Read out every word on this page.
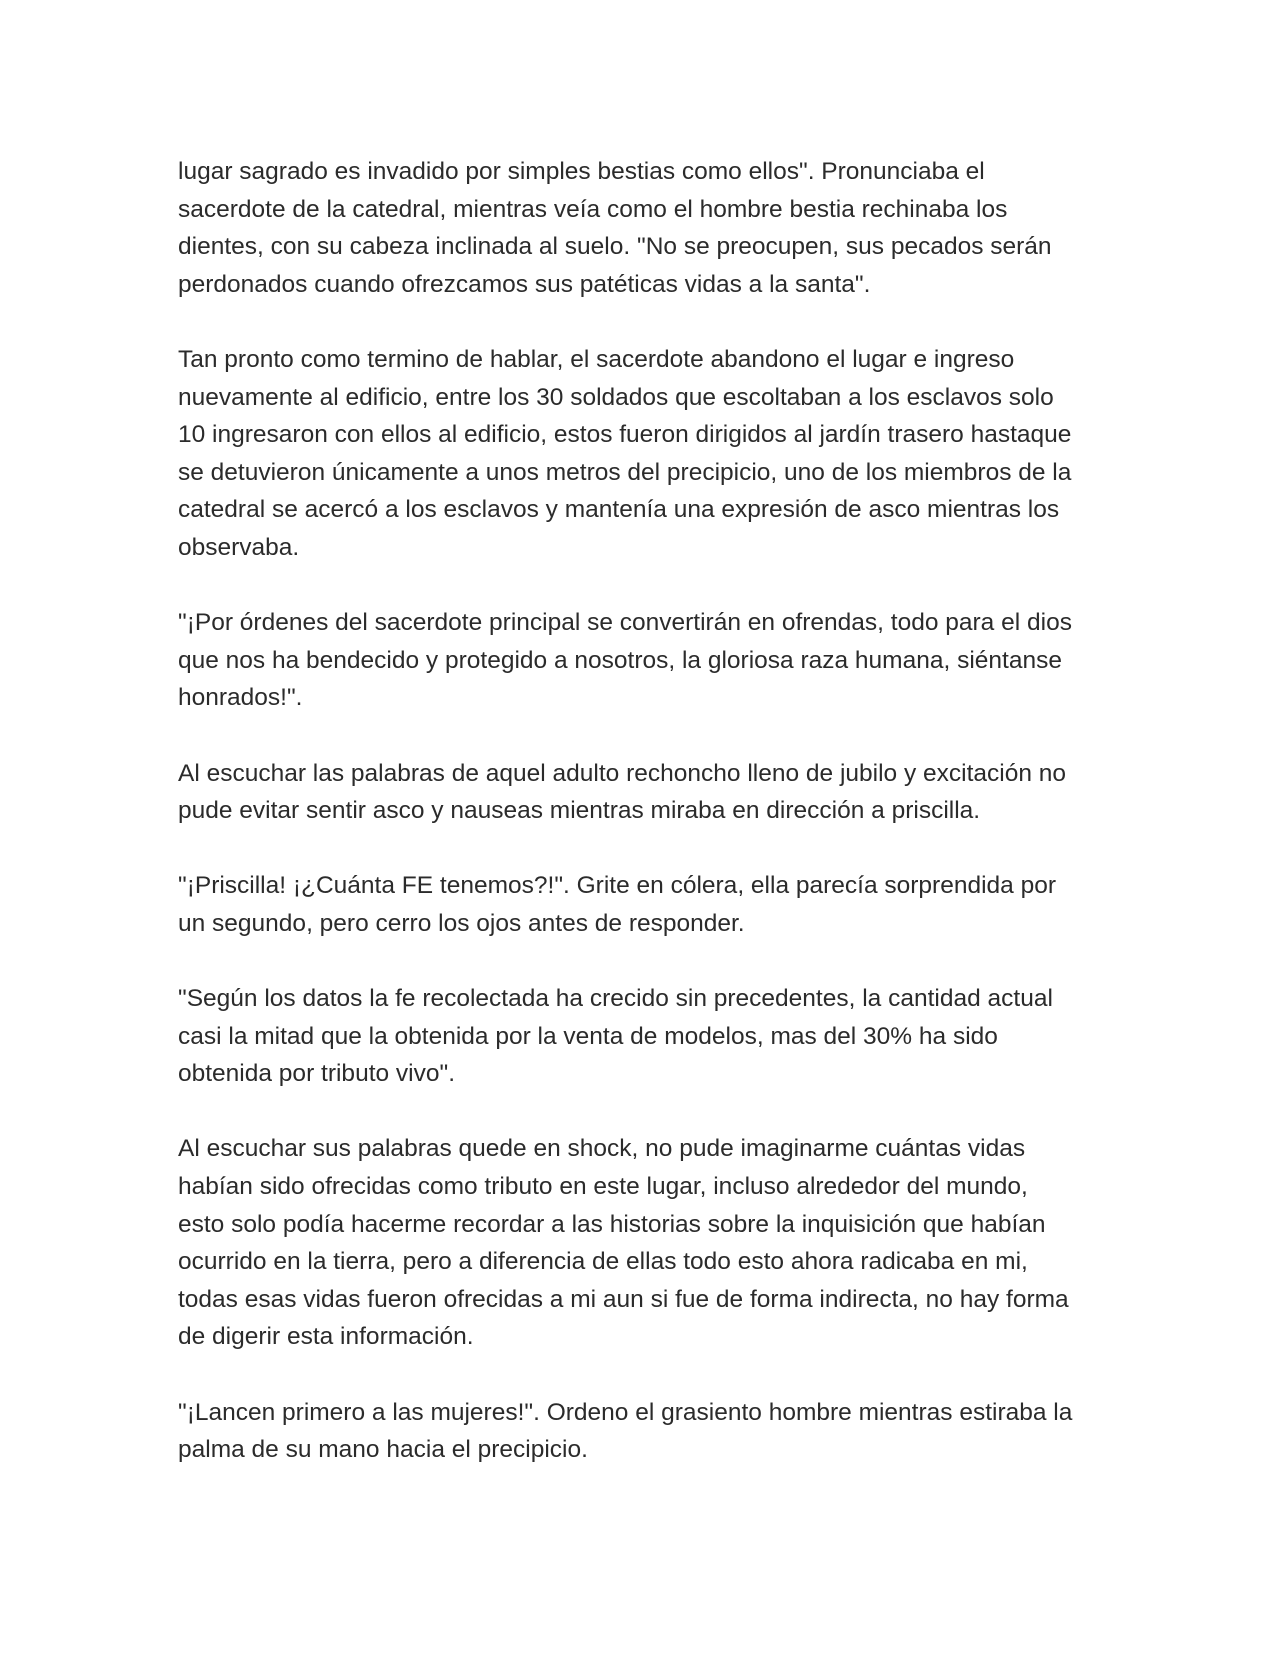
lugar sagrado es invadido por simples bestias como ellos". Pronunciaba el
sacerdote de la catedral, mientras veía como el hombre bestia rechinaba los
dientes, con su cabeza inclinada al suelo. "No se preocupen, sus pecados serán
perdonados cuando ofrezcamos sus patéticas vidas a la santa".

Tan pronto como termino de hablar, el sacerdote abandono el lugar e ingreso
nuevamente al edificio, entre los 30 soldados que escoltaban a los esclavos solo
10 ingresaron con ellos al edificio, estos fueron dirigidos al jardín trasero hastaque
se detuvieron únicamente a unos metros del precipicio, uno de los miembros de la
catedral se acercó a los esclavos y mantenía una expresión de asco mientras los
observaba.

"¡Por órdenes del sacerdote principal se convertirán en ofrendas, todo para el dios
que nos ha bendecido y protegido a nosotros, la gloriosa raza humana, siéntanse
honrados!".

Al escuchar las palabras de aquel adulto rechoncho lleno de jubilo y excitación no
pude evitar sentir asco y nauseas mientras miraba en dirección a priscilla.

"¡Priscilla! ¡¿Cuánta FE tenemos?!". Grite en cólera, ella parecía sorprendida por
un segundo, pero cerro los ojos antes de responder.

"Según los datos la fe recolectada ha crecido sin precedentes, la cantidad actual
casi la mitad que la obtenida por la venta de modelos, mas del 30% ha sido
obtenida por tributo vivo".

Al escuchar sus palabras quede en shock, no pude imaginarme cuántas vidas
habían sido ofrecidas como tributo en este lugar, incluso alrededor del mundo,
esto solo podía hacerme recordar a las historias sobre la inquisición que habían
ocurrido en la tierra, pero a diferencia de ellas todo esto ahora radicaba en mi,
todas esas vidas fueron ofrecidas a mi aun si fue de forma indirecta, no hay forma
de digerir esta información.

"¡Lancen primero a las mujeres!". Ordeno el grasiento hombre mientras estiraba la
palma de su mano hacia el precipicio.
